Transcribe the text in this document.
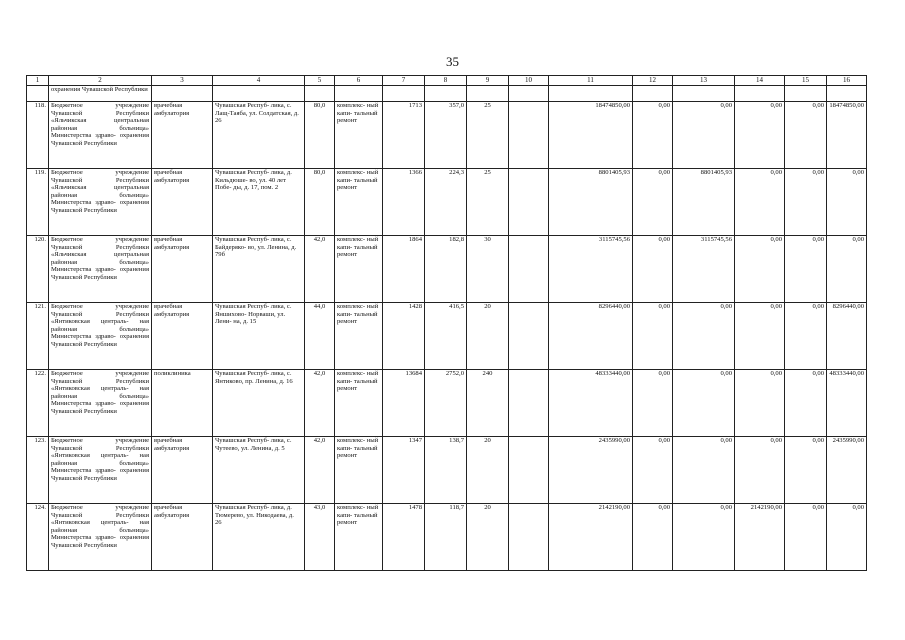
35
1	2	3	4	5	6	7	8	9	10	11	12	13	14	15	16
	охранения Чувашской Республики														
118.	Бюджетное учреждение Чувашской Республики «Яльчикская центральная районная больница» Министерства здраво- охранения Чувашской Республики	врачебная амбулатория	Чувашская Респуб- лика, с. Лащ-Таяба, ул. Солдатская, д. 26	80,0	комплекс- ный капи- тальный ремонт	1713	357,0	25		18474850,00	0,00	0,00	0,00	0,00	18474850,00
119.	Бюджетное учреждение Чувашской Республики «Яльчикская центральная районная больница» Министерства здраво- охранения Чувашской Республики	врачебная амбулатория	Чувашская Респуб- лика, д. Кильдюше- во, ул. 40 лет Побе- ды, д. 17, пом. 2	80,0	комплекс- ный капи- тальный ремонт	1366	224,3	25		8801405,93	0,00	8801405,93	0,00	0,00	0,00
120.	Бюджетное учреждение Чувашской Республики «Яльчикская центральная районная больница» Министерства здраво- охранения Чувашской Республики	врачебная амбулатория	Чувашская Респуб- лика, с. Байдеряко- во, ул. Ленина, д. 79б	42,0	комплекс- ный капи- тальный ремонт	1864	182,8	30		3115745,56	0,00	3115745,56	0,00	0,00	0,00
121.	Бюджетное учреждение Чувашской Республики «Янтиковская централь- ная районная больница» Министерства здраво- охранения Чувашской Республики	врачебная амбулатория	Чувашская Респуб- лика, с. Яншихово- Норваши, ул. Лени- на, д. 15	44,0	комплекс- ный капи- тальный ремонт	1428	416,5	20		8296440,00	0,00	0,00	0,00	0,00	8296440,00
122.	Бюджетное учреждение Чувашской Республики «Янтиковская централь- ная районная больница» Министерства здраво- охранения Чувашской Республики	поликлиника	Чувашская Респуб- лика, с. Янтиково, пр. Ленина, д. 16	42,0	комплекс- ный капи- тальный ремонт	13684	2752,0	240		48333440,00	0,00	0,00	0,00	0,00	48333440,00
123.	Бюджетное учреждение Чувашской Республики «Янтиковская централь- ная районная больница» Министерства здраво- охранения Чувашской Республики	врачебная амбулатория	Чувашская Респуб- лика, с. Чутеево, ул. Ленина, д. 5	42,0	комплекс- ный капи- тальный ремонт	1347	138,7	20		2435990,00	0,00	0,00	0,00	0,00	2435990,00
124.	Бюджетное учреждение Чувашской Республики «Янтиковская централь- ная районная больница» Министерства здраво- охранения Чувашской Республики	врачебная амбулатория	Чувашская Респуб- лика, д. Тюмерево, ул. Никодаева, д. 26	43,0	комплекс- ный капи- тальный ремонт	1478	118,7	20		2142190,00	0,00	0,00	2142190,00	0,00	0,00
